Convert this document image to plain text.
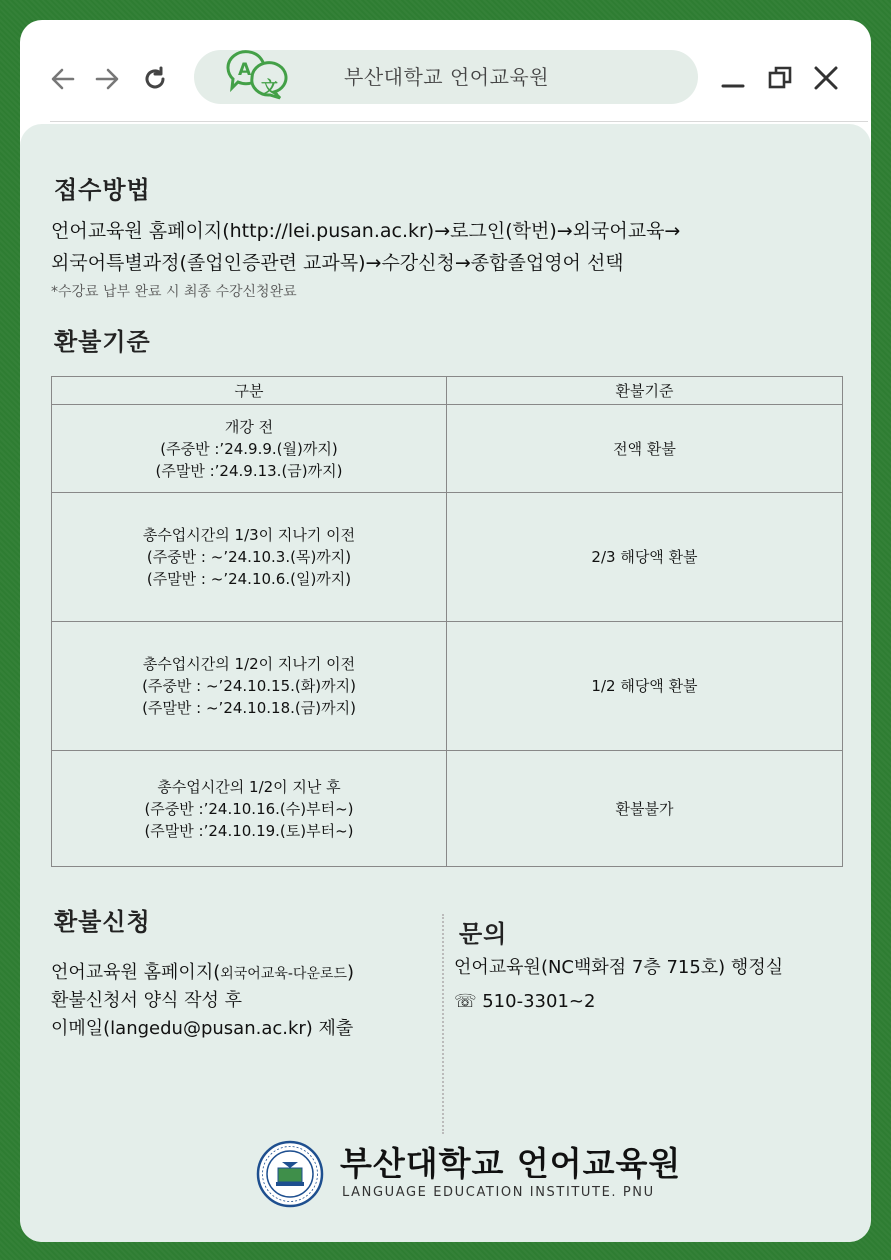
A
文	부산대학교 언어교육원
접수방법
언어교육원 홈페이지(http://lei.pusan.ac.kr)→로그인(학번)→외국어교육→
외국어특별과정(졸업인증관련 교과목)→수강신청→종합졸업영어 선택
*수강료 납부 완료 시 최종 수강신청완료
환불기준
구분	환불기준

개강 전
(주중반 :’24.9.9.(월)까지)
(주말반 :’24.9.13.(금)까지)	전액 환불

총수업시간의 1/3이 지나기 이전
(주중반 : ~’24.10.3.(목)까지)
(주말반 : ~’24.10.6.(일)까지)	2/3 해당액 환불

총수업시간의 1/2이 지나기 이전
(주중반 : ~’24.10.15.(화)까지)
(주말반 : ~’24.10.18.(금)까지)	1/2 해당액 환불

총수업시간의 1/2이 지난 후
(주중반 :’24.10.16.(수)부터~)
(주말반 :’24.10.19.(토)부터~)	환불불가
환불신청
언어교육원 홈페이지(외국어교육-다운로드)
환불신청서 양식 작성 후
이메일(langedu@pusan.ac.kr) 제출
문의
언어교육원(NC백화점 7층 715호) 행정실
☏ 510-3301~2
부산대학교 언어교육원
LANGUAGE EDUCATION INSTITUTE. PNU
